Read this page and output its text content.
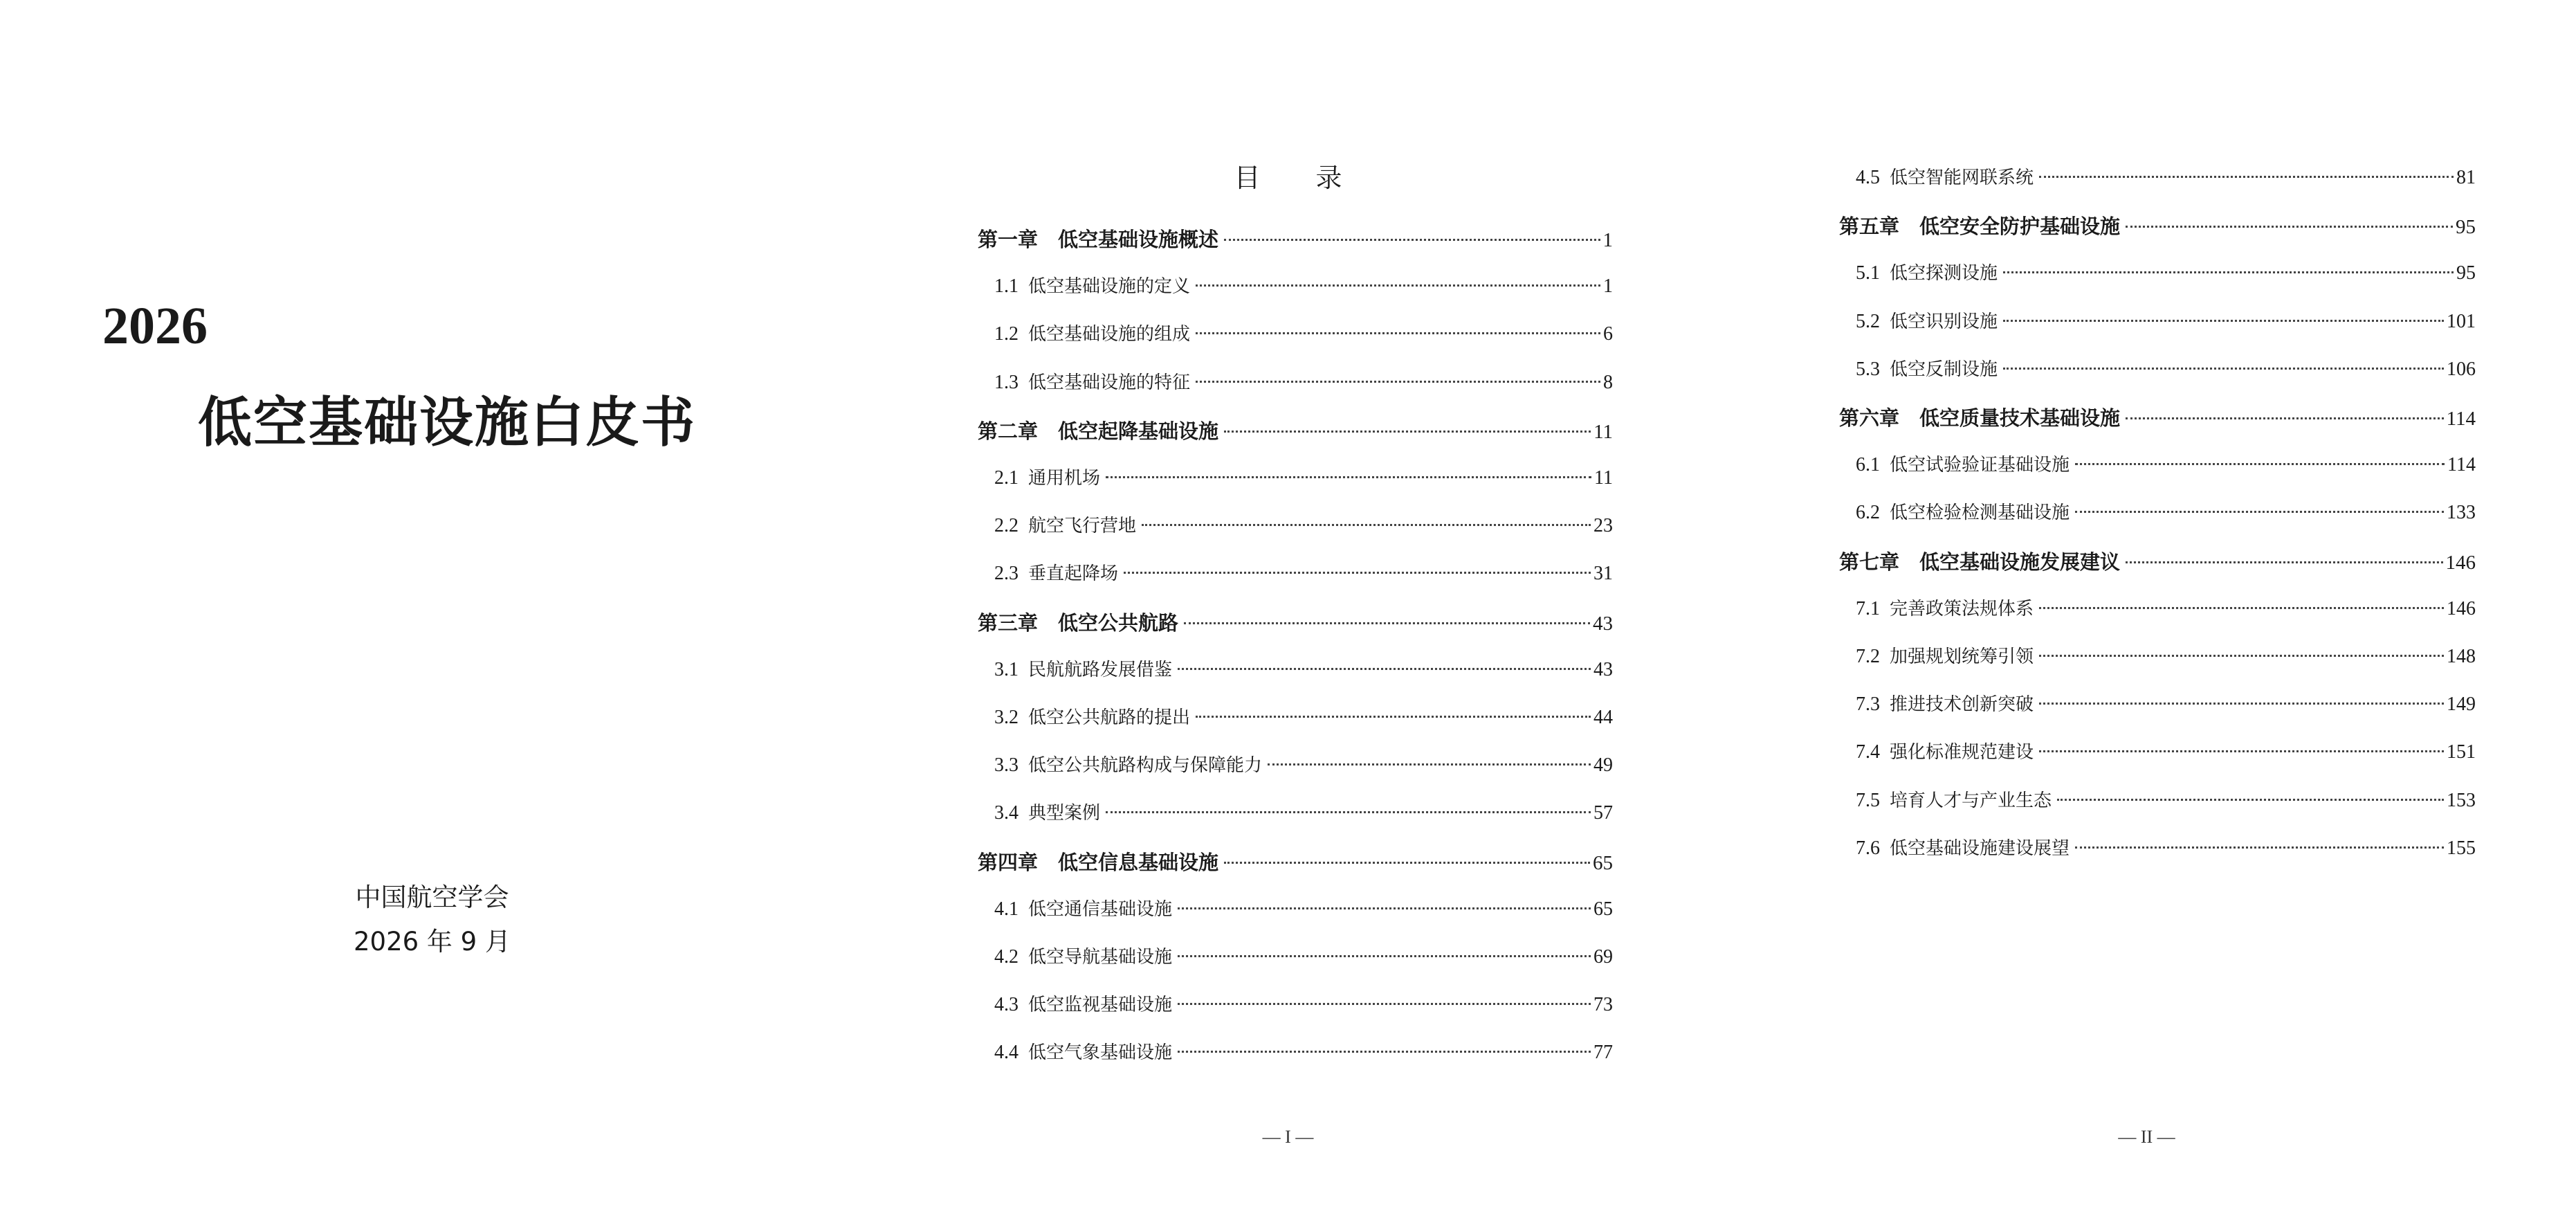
2026
低空基础设施白皮书
中国航空学会
2026 年 9 月
目 录
第一章　低空基础设施概述	1
1.1 低空基础设施的定义	1
1.2 低空基础设施的组成	6
1.3 低空基础设施的特征	8
第二章　低空起降基础设施	11
2.1 通用机场	11
2.2 航空飞行营地	23
2.3 垂直起降场	31
第三章　低空公共航路	43
3.1 民航航路发展借鉴	43
3.2 低空公共航路的提出	44
3.3 低空公共航路构成与保障能力	49
3.4 典型案例	57
第四章　低空信息基础设施	65
4.1 低空通信基础设施	65
4.2 低空导航基础设施	69
4.3 低空监视基础设施	73
4.4 低空气象基础设施	77
— I —
4.5 低空智能网联系统	81
第五章　低空安全防护基础设施	95
5.1 低空探测设施	95
5.2 低空识别设施	101
5.3 低空反制设施	106
第六章　低空质量技术基础设施	114
6.1 低空试验验证基础设施	114
6.2 低空检验检测基础设施	133
第七章　低空基础设施发展建议	146
7.1 完善政策法规体系	146
7.2 加强规划统筹引领	148
7.3 推进技术创新突破	149
7.4 强化标准规范建设	151
7.5 培育人才与产业生态	153
7.6 低空基础设施建设展望	155
— II —
